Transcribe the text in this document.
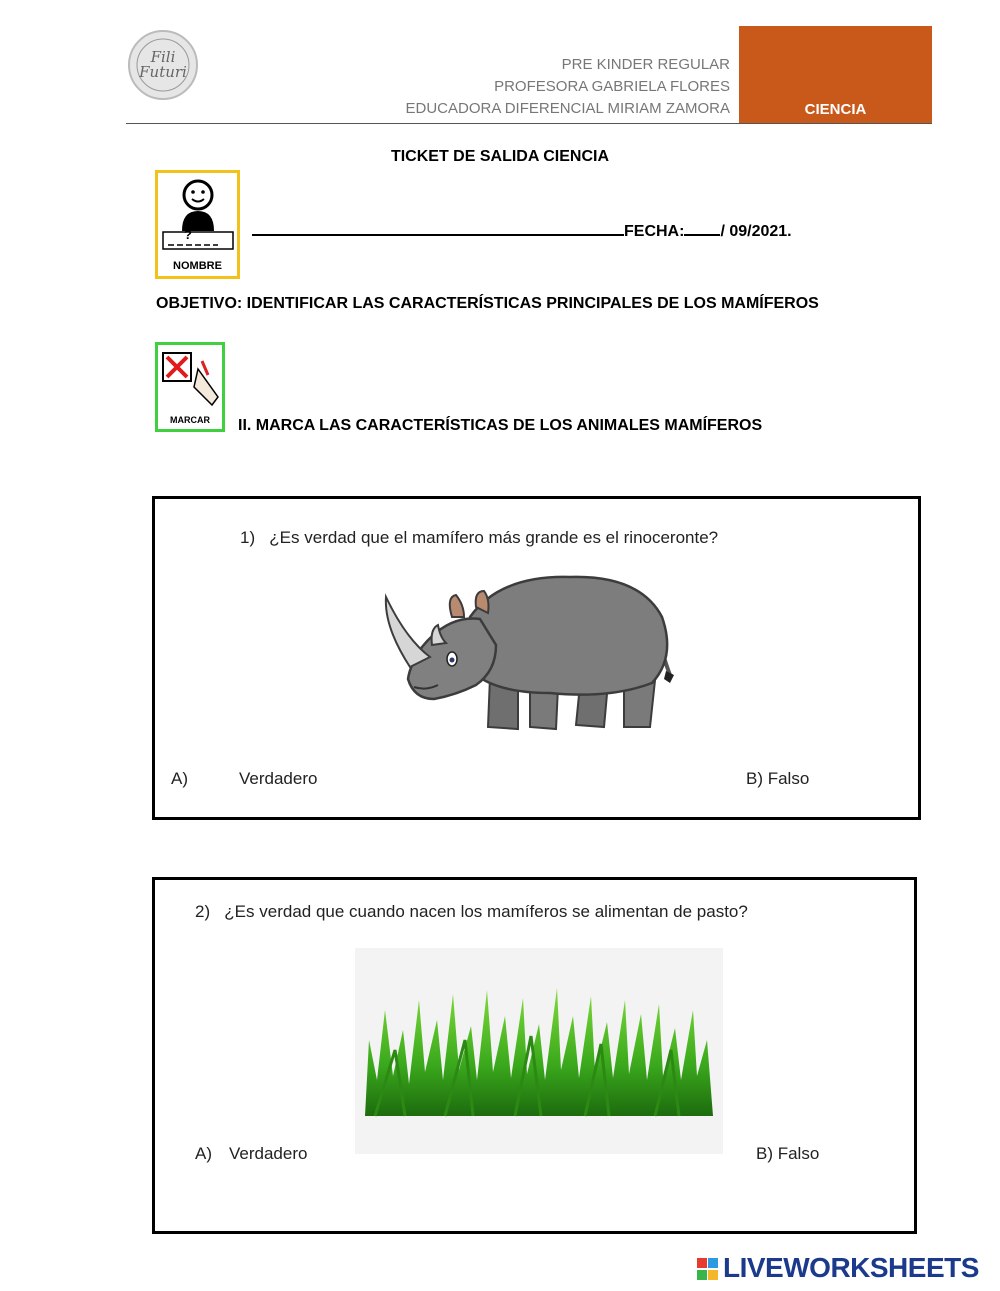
Fili Futuri	PRE KINDER REGULAR
PROFESORA GABRIELA FLORES
EDUCADORA DIFERENCIAL MIRIAM ZAMORA	CIENCIA
TICKET DE SALIDA CIENCIA
?
NOMBRE
FECHA: / 09/2021.
OBJETIVO: IDENTIFICAR LAS CARACTERÍSTICAS PRINCIPALES DE LOS MAMÍFEROS
MARCAR	II. MARCA LAS CARACTERÍSTICAS DE LOS ANIMALES MAMÍFEROS
1) ¿Es verdad que el mamífero más grande es el rinoceronte?
A)	Verdadero	B) Falso
2) ¿Es verdad que cuando nacen los mamíferos se alimentan de pasto?
A) Verdadero	B) Falso
LIVEWORKSHEETS
